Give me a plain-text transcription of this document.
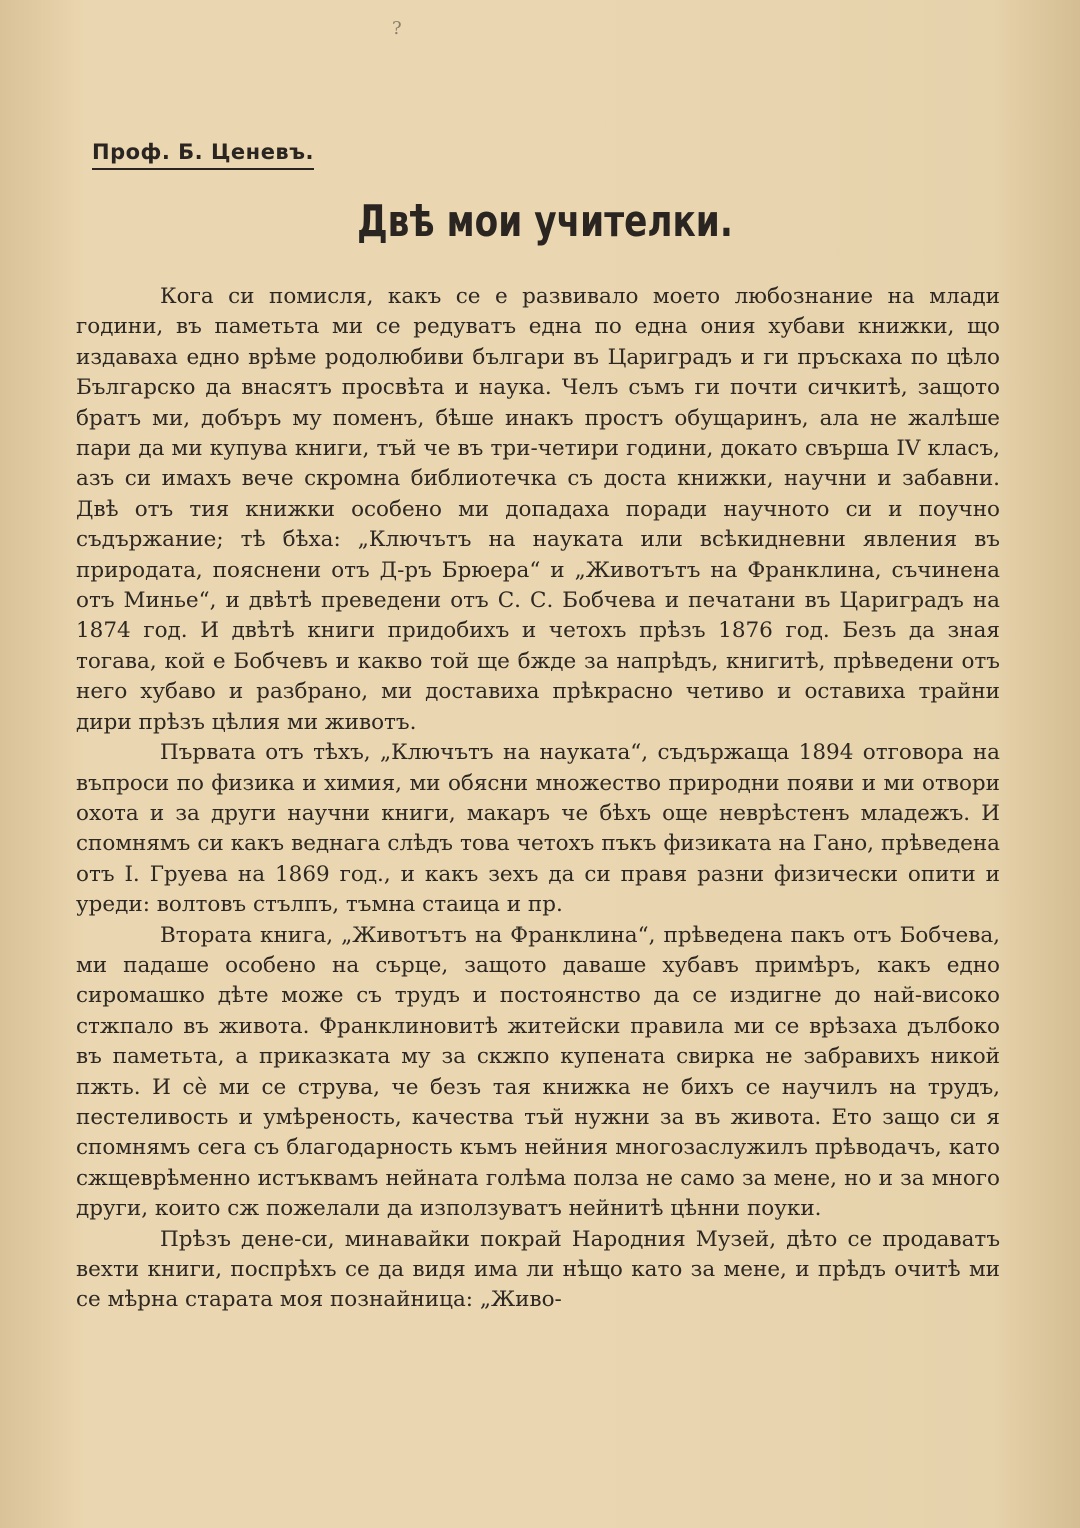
?
Проф. Б. Ценевъ.
Двѣ мои учителки.

Кога си помисля, какъ се е развивало моето любознание на млади години, въ паметьта ми се редуватъ една по една ония хубави книжки, що издаваха едно врѣме родолюбиви българи въ Цариградъ и ги пръскаха по цѣло Българско да внасятъ просвѣта и наука. Челъ съмъ ги почти сичкитѣ, защото братъ ми, добъръ му поменъ, бѣше инакъ простъ обущаринъ, ала не жалѣше пари да ми купува книги, тъй че въ три-четири години, докато свърша IV класъ, азъ си имахъ вече скромна библиотечка съ доста книжки, научни и забавни. Двѣ отъ тия книжки особено ми допадаха поради научното си и поучно съдържание; тѣ бѣха: „Ключътъ на науката или всѣкидневни явления въ природата, пояснени отъ Д-ръ Брюера“ и „Животътъ на Франклина, съчинена отъ Минье“, и двѣтѣ преведени отъ С. С. Бобчева и печатани въ Цариградъ на 1874 год. И двѣтѣ книги придобихъ и четохъ прѣзъ 1876 год. Безъ да зная тогава, кой е Бобчевъ и какво той ще бжде за напрѣдъ, книгитѣ, прѣведени отъ него хубаво и разбрано, ми доставиха прѣкрасно четиво и оставиха трайни дири прѣзъ цѣлия ми животъ.

Първата отъ тѣхъ, „Ключътъ на науката“, съдържаща 1894 отговора на въпроси по физика и химия, ми обясни множество природни появи и ми отвори охота и за други научни книги, макаръ че бѣхъ още неврѣстенъ младежъ. И спомнямъ си какъ веднага слѣдъ това четохъ пъкъ физиката на Гано, прѣведена отъ I. Груева на 1869 год., и какъ зехъ да си правя разни физически опити и уреди: волтовъ стълпъ, тъмна стаица и пр.

Втората книга, „Животътъ на Франклина“, прѣведена пакъ отъ Бобчева, ми падаше особено на сърце, защото даваше хубавъ примѣръ, какъ едно сиромашко дѣте може съ трудъ и постоянство да се издигне до най-високо стжпало въ живота. Франклиновитѣ житейски правила ми се врѣзаха дълбоко въ паметьта, а приказката му за скжпо купената свирка не забравихъ никой пжть. И сѐ ми се струва, че безъ тая книжка не бихъ се научилъ на трудъ, пестеливость и умѣреность, качества тъй нужни за въ живота. Ето защо си я спомнямъ сега съ благодарность къмъ нейния многозаслужилъ прѣводачъ, като сжщеврѣменно истъквамъ нейната голѣма полза не само за мене, но и за много други, които сж пожелали да използуватъ нейнитѣ цѣнни поуки.

Прѣзъ дене-си, минавайки покрай Народния Музей, дѣто се продаватъ вехти книги, поспрѣхъ се да видя има ли нѣщо като за мене, и прѣдъ очитѣ ми се мѣрна старата моя познайница: „Живо-
